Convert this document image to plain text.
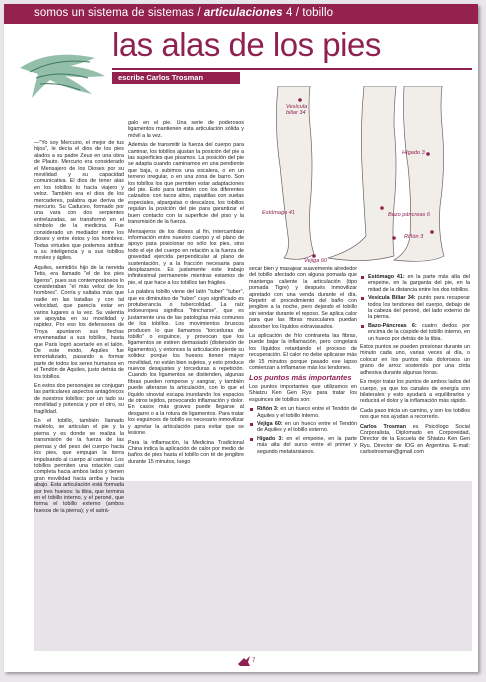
somos un sistema de sistemas / articulaciones 4 / tobillo
las alas de los pies
escribe Carlos Trosman
Vesícula
biliar 34
Hígado 3
Estómago 41	Bazo páncreas 6
Riñón 3
Vejiga 60

—"Yo soy Mercurio, el mejor de tus hijos", le decía el dios de los pies alados a su padre Zeus en una obra de Plauto. Mercurio era considerado el Mensajero de los Dioses por su movilidad y su capacidad comunicativa. El dios de tener alas en los tobillos lo hacía viajero y veloz. También era el dios de los mercaderes, palabra que deriva de mercurio. Su Caduceo, formado por una vara con dos serpientes entrelazadas, se transformó en el símbolo de la medicina. Fue considerado un mediador entre los dioses y entre éstos y los hombres. Todas virtudes que podemos atribuir a su inteligencia y a sus tobillos movles y ágiles.

Aquiles, semidiós hijo de la nereida Tetis, era llamado "el de los pies ligeros", pues sus contemporáneos lo consideraban "el más veloz de los hombres". Corría y saltaba más que nadie en las batallas y con tal velocidad, que parecía estar en varios lugares a la vez. Su valentía se apoyaba en su movilidad y rapidez. Por eso los defensores de Troya apuntaron sus flechas envenenadas a sus tobillos, hasta que Paris logró acertarle en el talón. De este modo, Aquiles fue inmortalizado, pasando a formar parte de todos los seres humanos en el Tendón de Aquiles, justo detrás de los tobillos.

En estos dos personajes se conjugan las particulares aspectos antagónicos de nuestros tobillos: por un lado su movilidad y potencia y por el otro, su fragilidad.

En el tobillo, también llamado maléolo, se articulan el pie y la pierna y es donde se realiza la transmisión de la fuerza de las piernas y del peso del cuerpo hacia los pies, que empujan la tierra impulsando al cuerpo al caminar. Los tobillos permiten una rotación casi completa hacia ambos lados y tienen gran movilidad hacia arriba y hacia abajo. Esta articulación está formada por tres huesos: la tibia, que termina en el tobillo interno, y el peroné, que forma el tobillo externo (ambos huesos de la pierna); y el astrá-

galo en el pie. Una serie de poderosos ligamentos mantienen esta articulación sólida y móvil a la vez.

Además de transmitir la fuerza del cuerpo para caminar, los tobillos ajustan la posición del pie a las superficies que pisamos. La posición del pie se adapta cuando caminamos en una pendiente que baja, o subimos una escalera, o en un terreno irregular, o en una zona de barro. Son los tobillos los que permiten estar adaptaciones del pie. Esto para también con los diferentes calzados: con tacos altos, zapatillas con suelas especiales, alpargatas o descalzos, los tobillos regulan la posición del pie para garantizar el buen contacto con la superficie del piso y la transmisión de la fuerza.

Mensajeros de los dioses al fin, intercambian información entre nuestro cuerpo y el plano de apoyo para posicionar no sólo los pies, sino todo el eje del cuerpo en relación a la fuerza de gravedad ejercida perpendicular al plano de sustentación, y a la fracción necesaria para desplazarnos. Es justamente este trabajo infinitesimal permanente mientras estamos de pie, el que hace a los tobillos tan frágiles.

La palabra tobillo viene del latín "tuber" "tuber", que es diminutivo de "tuber" cuyo significado es protuberancia o tubercolidad. La raíz indoeuropea significa "hincharse", que es justamente una de las patologías más comunes de los tobillos. Los movimientos bruscos producen lo que llamamos "torceduras de tobillo" o esguince, y provocan que los ligamentos se estiren demasiado (distensión de ligamentos), y entonces la articulación pierde su solidez porque los huesos tienen mayor movilidad, no están bien sujetos, y esto produce nuevos desajustes y torceduras a repetición. Cuando los ligamentos se distienden, algunas fibras pueden romperse y sangrar, y también puede alterarse la articulación, con lo que el líquido sinovial escapa inundando los espacios de otros tejidos, provocando inflamación y dolor. En casos más graves puede llegarse al desgarro o a la rotura de ligamentos. Para tratar los esguinces de tobillo es necesario inmovilizar y apretar la articulación para evitar que se lesione.

Para la inflamación, la Medicina Tradicional China indica la aplicación de calor por medio de baños de pies hasta el tobillo con té de jengibre durante 15 minutos, luego

secar bien y masajear suavemente alrededor del tobillo afectado con alguna pomada que mantenga caliente la articulación (tipo pomada Tigre) y después inmovilizar apretado con una venda durante el día. Repetir el procedimiento del baño con jengibre a la noche, pero dejando el tobillo sin vendar durante el reposo. Se aplica calor para que las fibras musculares puedan absorber los líquidos extravasados.

La aplicación de frío contrareta las fibras, puede bajar la inflamación, pero congelará los líquidos retardando el proceso de recuperación. El calor no debe aplicarse más de 15 minutos porque pasado ese lapso comienzan a inflamarse más los tendones.

Los puntos más importantes

Los puntos importantes que utilizamos en Shiatzu Ken Gen Ryu para tratar los esguinces de tobillos son:

Riñón 3: en un hueco entre el Tendón de Aquiles y el tobillo interno.
Vejiga 60: en un hueco entre el Tendón de Aquiles y el tobillo externo.
Hígado 3: en el empeine, en la parte más alta del surco entre el primer y segundo metatarsianos.
Estómago 41: en la parte más alta del empeine, en la garganta del pie, en la mitad de la distancia entre los dos tobillos.
Vesícula Biliar 34: punto para recuperar todos los tendones del cuerpo, debajo de la cabeza del peroné, del lado externo de la pierna.
Bazo-Páncreas 6: cuatro dedos por encima de la cúspide del tobillo interno, en un hueco por detrás de la tibia.

Estos puntos se pueden presionar durante un minuto cada uno, varias veces al día, o colocar en los puntos más dolorosos un grano de arroz sostenido por una cinta adhesiva durante algunas horas.

Es mejor tratar los puntos de ambos lados del cuerpo, ya que los canales de energía son bilaterales y esto ayudará a equilibrarlos y reducirá el dolor y la inflamación más rápido.

Cada paso inicia un camino, y son los tobillos nos que nos ayudan a recorrerlo.

Carlos Trosman es Psicólogo Social Corporalista, Diplomado en Corporeidad, Director de la Escuela de Shiatzu Ken Gen Ryu. Director de IOG en Argentina. E-mail: carlostrosman@gmail.com

7
